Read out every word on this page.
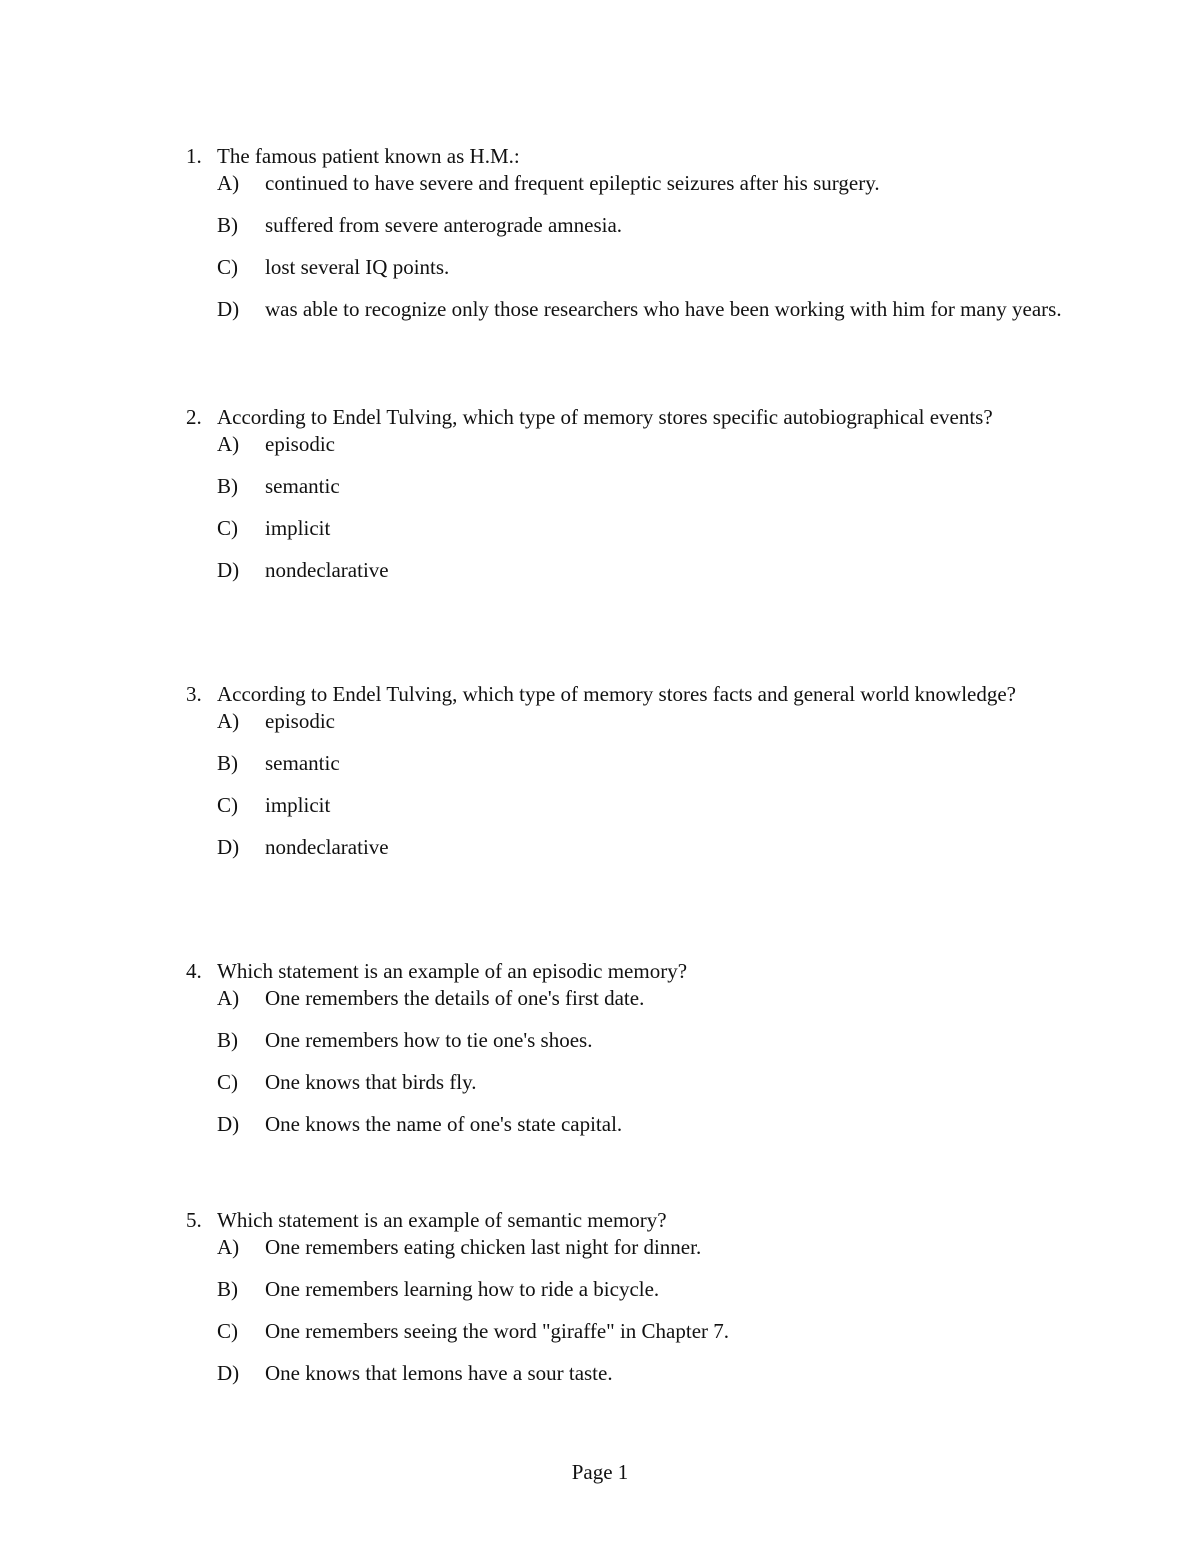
1. The famous patient known as H.M.:
A)	continued to have severe and frequent epileptic seizures after his surgery.
B)	suffered from severe anterograde amnesia.
C)	lost several IQ points.
D)	was able to recognize only those researchers who have been working with him for many years.
2. According to Endel Tulving, which type of memory stores specific autobiographical events?
A)	episodic
B)	semantic
C)	implicit
D)	nondeclarative
3. According to Endel Tulving, which type of memory stores facts and general world knowledge?
A)	episodic
B)	semantic
C)	implicit
D)	nondeclarative
4. Which statement is an example of an episodic memory?
A)	One remembers the details of one's first date.
B)	One remembers how to tie one's shoes.
C)	One knows that birds fly.
D)	One knows the name of one's state capital.
5. Which statement is an example of semantic memory?
A)	One remembers eating chicken last night for dinner.
B)	One remembers learning how to ride a bicycle.
C)	One remembers seeing the word "giraffe" in Chapter 7.
D)	One knows that lemons have a sour taste.
Page 1
